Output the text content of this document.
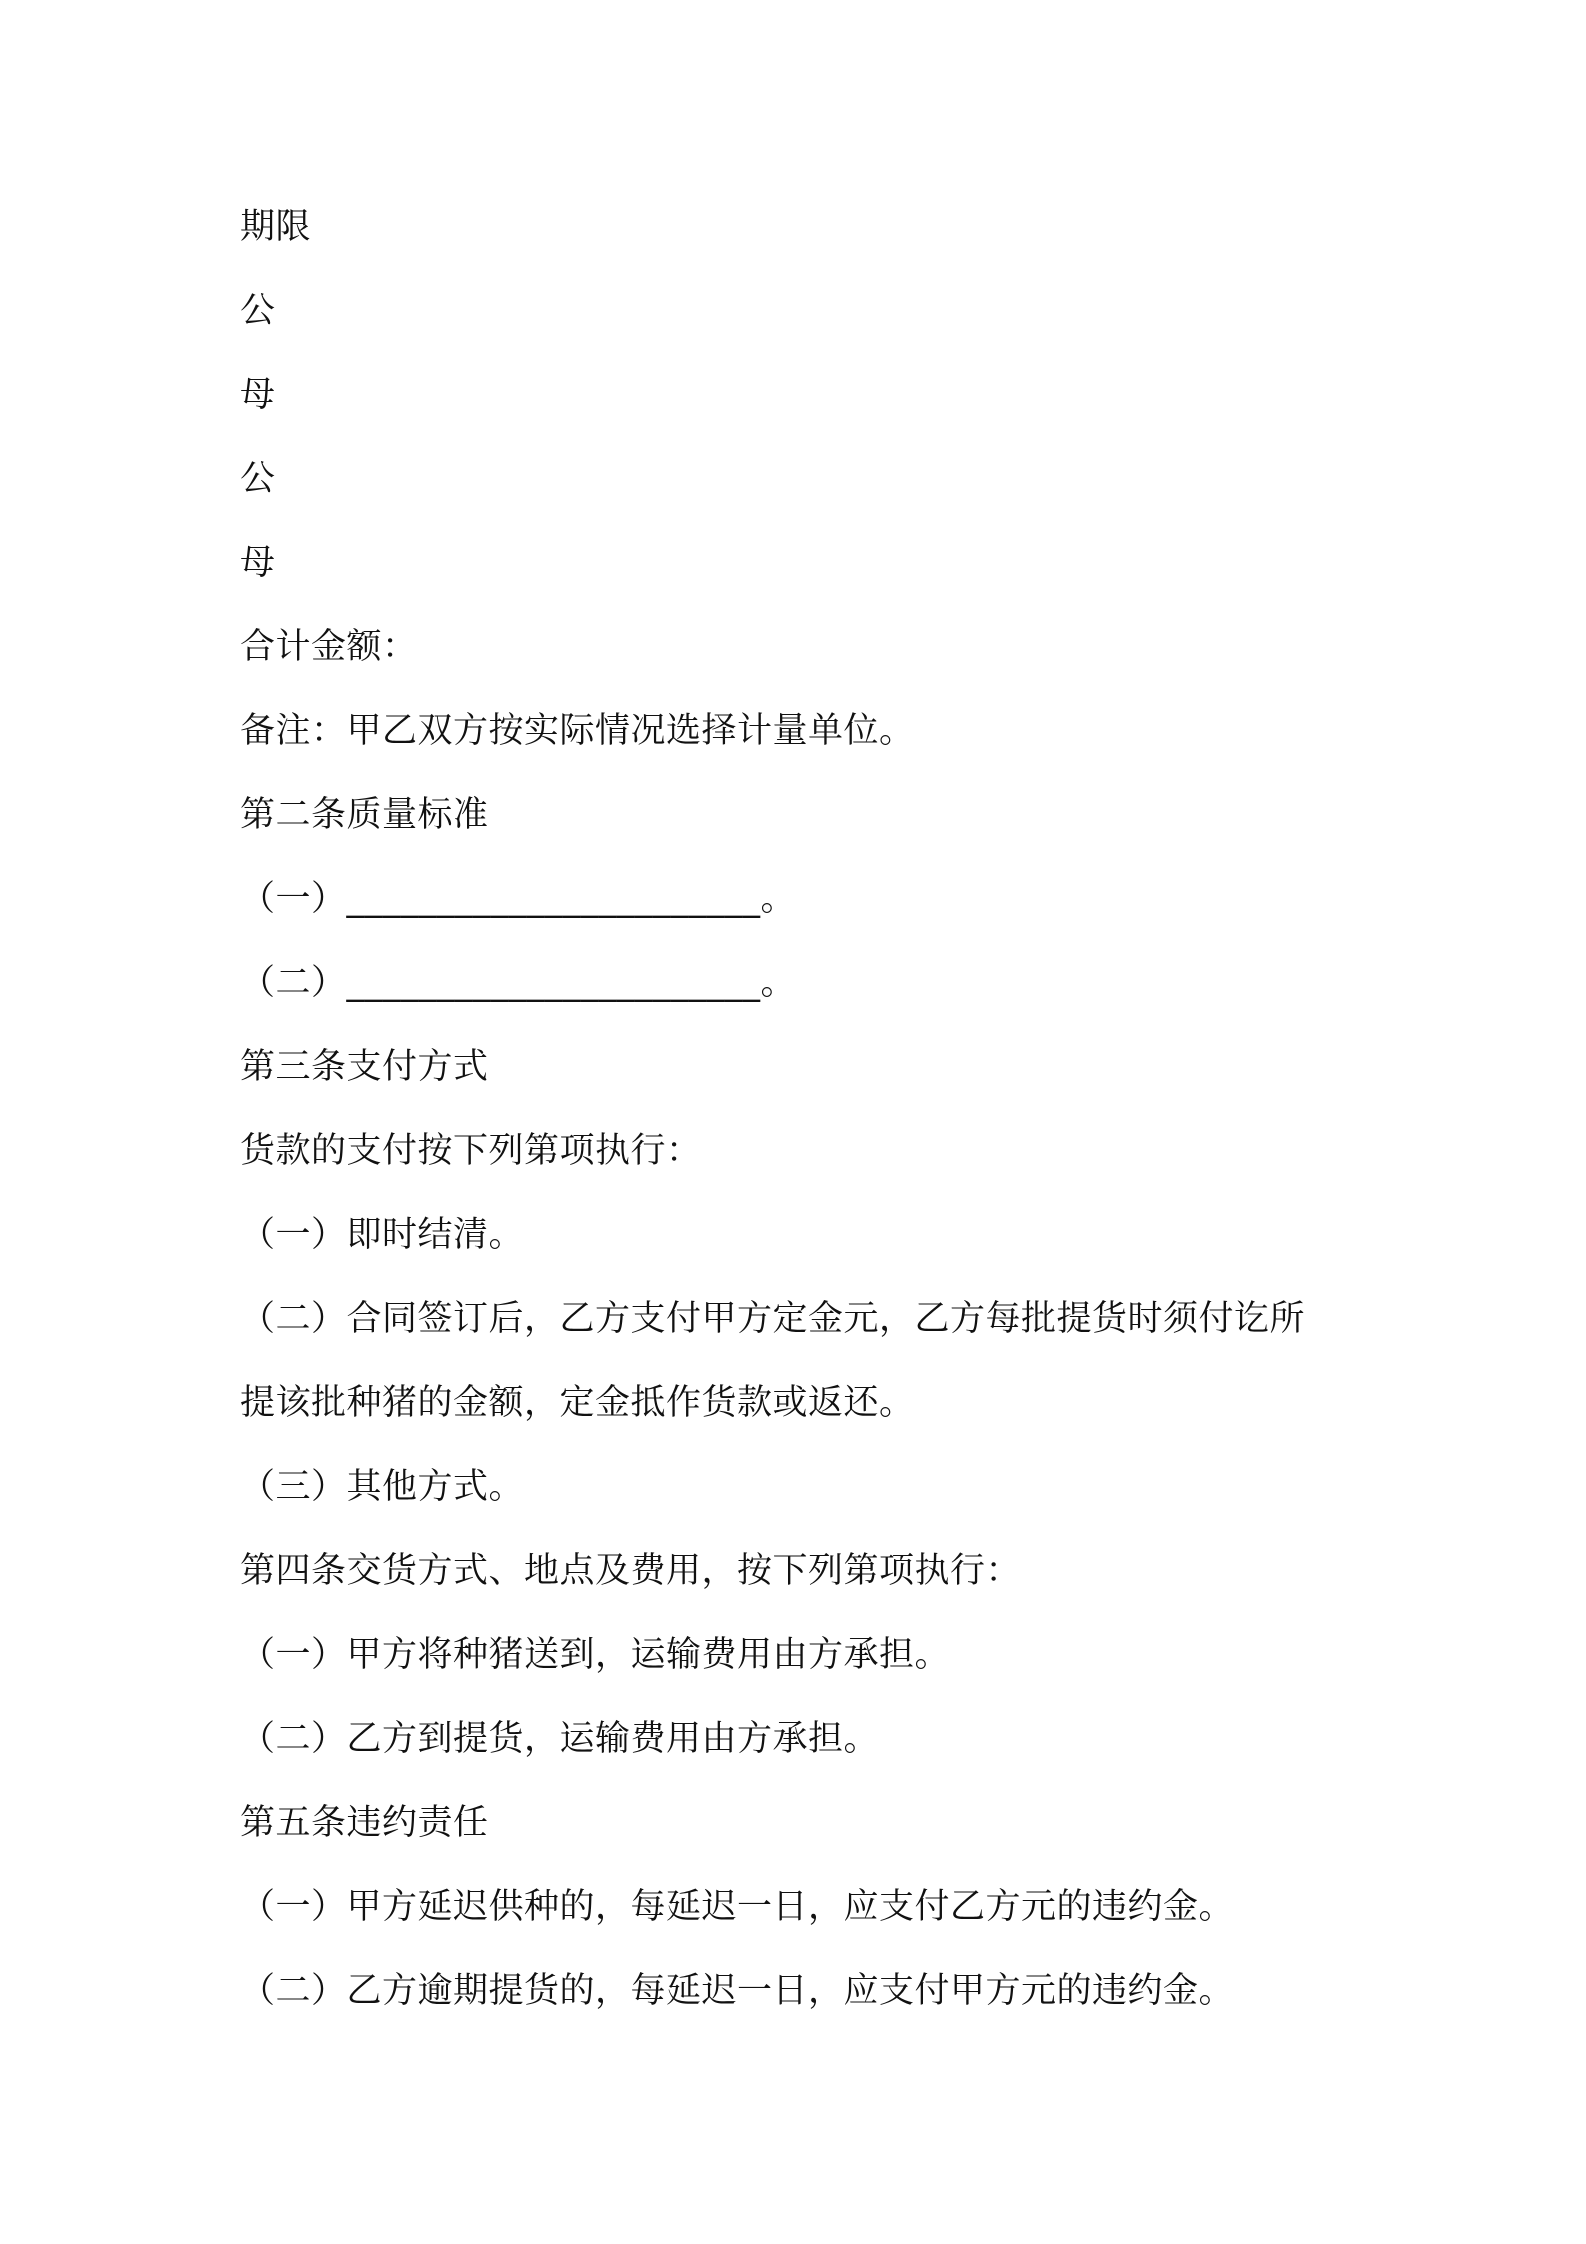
期限
公
母
公
母
合计金额：
备注：甲乙双方按实际情况选择计量单位。
第二条质量标准
（一）_______________________。
（二）_______________________。
第三条支付方式
货款的支付按下列第项执行：
（一）即时结清。
（二）合同签订后，乙方支付甲方定金元，乙方每批提货时须付讫所
提该批种猪的金额，定金抵作货款或返还。
（三）其他方式。
第四条交货方式、地点及费用，按下列第项执行：
（一）甲方将种猪送到，运输费用由方承担。
（二）乙方到提货，运输费用由方承担。
第五条违约责任
（一）甲方延迟供种的，每延迟一日，应支付乙方元的违约金。
（二）乙方逾期提货的，每延迟一日，应支付甲方元的违约金。
